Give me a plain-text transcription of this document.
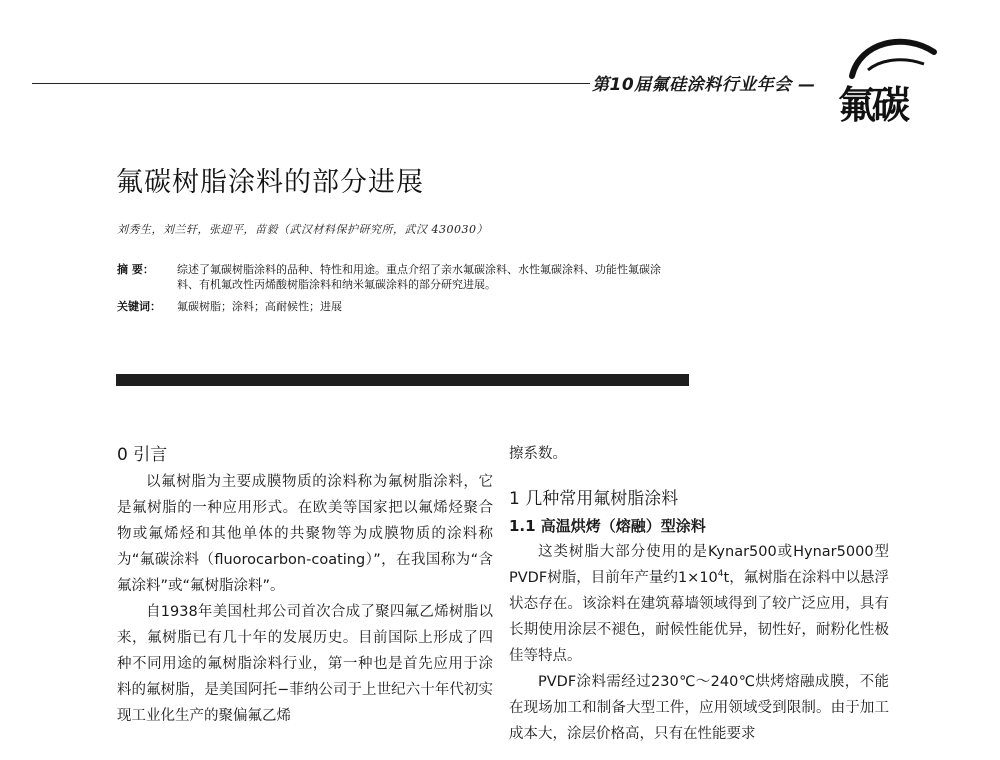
第10届氟硅涂料行业年会 — 氟碳
氟碳树脂涂料的部分进展
刘秀生，刘兰轩，张迎平，苗毅（武汉材料保护研究所，武汉 430030）
摘 要： 综述了氟碳树脂涂料的品种、特性和用途。重点介绍了亲水氟碳涂料、水性氟碳涂料、功能性氟碳涂
料、有机氟改性丙烯酸树脂涂料和纳米氟碳涂料的部分研究进展。
关键词： 氟碳树脂；涂料；高耐候性；进展
0 引言

以氟树脂为主要成膜物质的涂料称为氟树脂涂料，它是氟树脂的一种应用形式。在欧美等国家把以氟烯烃聚合物或氟烯烃和其他单体的共聚物等为成膜物质的涂料称为“氟碳涂料（fluorocarbon-coating）”，在我国称为“含氟涂料”或“氟树脂涂料”。

自1938年美国杜邦公司首次合成了聚四氟乙烯树脂以来，氟树脂已有几十年的发展历史。目前国际上形成了四种不同用途的氟树脂涂料行业，第一种也是首先应用于涂料的氟树脂，是美国阿托−菲纳公司于上世纪六十年代初实现工业化生产的聚偏氟乙烯

擦系数。

1 几种常用氟树脂涂料
1.1 高温烘烤（熔融）型涂料

这类树脂大部分使用的是Kynar500或Hynar5000型PVDF树脂，目前年产量约$1\times 10^4t$，氟树脂在涂料中以悬浮状态存在。该涂料在建筑幕墙领域得到了较广泛应用，具有长期使用涂层不褪色，耐候性能优异，韧性好，耐粉化性极佳等特点。

PVDF涂料需经过230℃～240℃烘烤熔融成膜，不能在现场加工和制备大型工件，应用领域受到限制。由于加工成本大，涂层价格高，只有在性能要求
